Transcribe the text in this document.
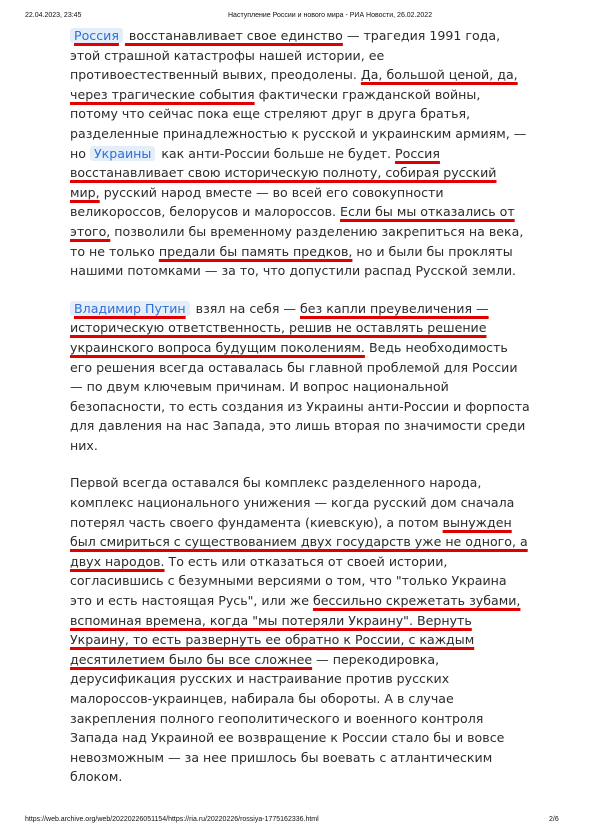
22.04.2023, 23:45	Наступление России и нового мира - РИА Новости, 26.02.2022

Россия восстанавливает свое единство — трагедия 1991 года, этой страшной катастрофы нашей истории, ее противоестественный вывих, преодолены. Да, большой ценой, да, через трагические события фактически гражданской войны, потому что сейчас пока еще стреляют друг в друга братья, разделенные принадлежностью к русской и украинским армиям, — но Украины как анти-России больше не будет. Россия восстанавливает свою историческую полноту, собирая русский мир, русский народ вместе — во всей его совокупности великороссов, белорусов и малороссов. Если бы мы отказались от этого, позволили бы временному разделению закрепиться на века, то не только предали бы память предков, но и были бы прокляты нашими потомками — за то, что допустили распад Русской земли.

Владимир Путин взял на себя — без капли преувеличения — историческую ответственность, решив не оставлять решение украинского вопроса будущим поколениям. Ведь необходимость его решения всегда оставалась бы главной проблемой для России — по двум ключевым причинам. И вопрос национальной безопасности, то есть создания из Украины анти-России и форпоста для давления на нас Запада, это лишь вторая по значимости среди них.

Первой всегда оставался бы комплекс разделенного народа, комплекс национального унижения — когда русский дом сначала потерял часть своего фундамента (киевскую), а потом вынужден был смириться с существованием двух государств уже не одного, а двух народов. То есть или отказаться от своей истории, согласившись с безумными версиями о том, что "только Украина это и есть настоящая Русь", или же бессильно скрежетать зубами, вспоминая времена, когда "мы потеряли Украину". Вернуть Украину, то есть развернуть ее обратно к России, с каждым десятилетием было бы все сложнее — перекодировка, дерусификация русских и настраивание против русских малороссов-украинцев, набирала бы обороты. А в случае закрепления полного геополитического и военного контроля Запада над Украиной ее возвращение к России стало бы и вовсе невозможным — за нее пришлось бы воевать с атлантическим блоком.

https://web.archive.org/web/20220226051154/https://ria.ru/20220226/rossiya-1775162336.html	2/6
